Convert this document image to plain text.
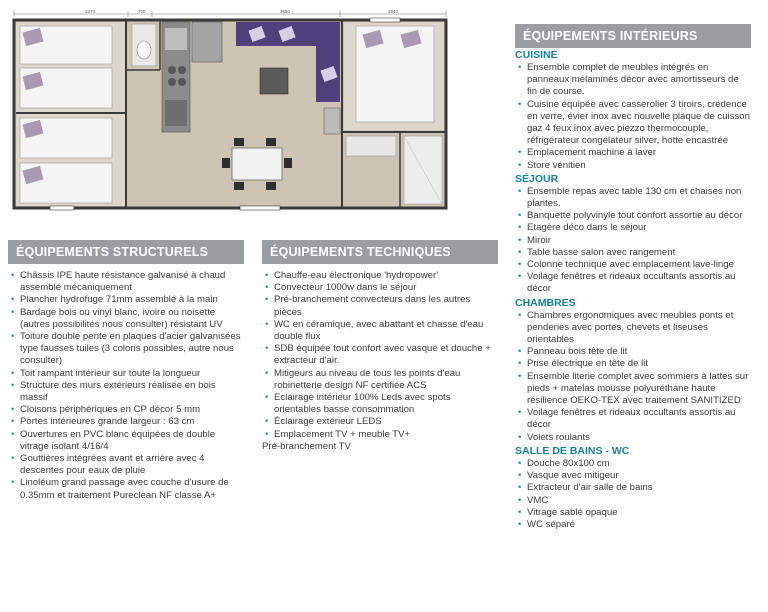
2370	700	3650	2640
ÉQUIPEMENTS STRUCTURELS
• Châssis IPE haute résistance galvanisé à chaud assemblé mécaniquement
• Plancher hydrofuge 71mm assemblé à la main
• Bardage bois ou vinyl blanc, ivoire ou noisette (autres possibilités nous consulter) résistant UV
• Toiture double pente en plaques d'acier galvanisées type fausses tuiles (3 coloris possibles, autre nous consulter)
• Toit rampant intérieur sur toute la longueur
• Structure des murs extérieurs réalisée en bois massif
• Cloisons périphériques en CP décor 5 mm
• Portes intérieures grande largeur : 63 cm
• Ouvertures en PVC blanc équipées de double vitrage isolant 4/16/4
• Gouttières intégrées avant et arrière avec 4 descentes pour eaux de pluie
• Linoléum grand passage avec couche d'usure de 0.35mm et traitement Pureclean NF classe A+
ÉQUIPEMENTS TECHNIQUES
• Chauffe-eau électronique 'hydropower'
• Convecteur 1000w dans le séjour
• Pré-branchement convecteurs dans les autres pièces
• WC en céramique, avec abattant et chasse d'eau double flux
• SDB équipée tout confort avec vasque et douche + extracteur d'air.
• Mitigeurs au niveau de tous les points d'eau robinetterie design NF certifiée ACS
• Eclairage intérieur 100% Leds avec spots orientables basse consommation
• Éclairage extérieur LEDS
• Emplacement TV + meuble TV+
Pré-branchement TV
ÉQUIPEMENTS INTÉRIEURS
CUISINE
• Ensemble complet de meubles intégrés en panneaux mélaminés décor avec amortisseurs de fin de course.
• Cuisine équipée avec casserolier 3 tiroirs, crédence en verre, évier inox avec nouvelle plaque de cuisson gaz 4 feux inox avec piezzo thermocouple, réfrigérateur congélateur silver, hotte encastrée
• Emplacement machine à laver
• Store vénitien
SÉJOUR
• Ensemble repas avec table 130 cm et chaises non plantes.
• Banquette polyvinyle tout confort assortie au décor
• Etagère déco dans le séjour
• Miroir
• Table basse salon avec rangement
• Colonne technique avec emplacement lave-linge
• Voilage fenêtres et rideaux occultants assortis au décor
CHAMBRES
• Chambres ergonomiques avec meubles ponts et penderies avec portes, chevets et liseuses orientables
• Panneau bois tête de lit
• Prise électrique en tête de lit
• Ensemble literie complet avec sommiers à lattes sur pieds + matelas mousse polyuréthane haute résilience OEKO-TEX avec traitement SANITIZED
• Voilage fenêtres et rideaux occultants assortis au décor
• Volets roulants
SALLE DE BAINS - WC
• Douche 80x100 cm
• Vasque avec mitigeur
• Extracteur d'air salle de bains
• VMC
• Vitrage sablé opaque
• WC séparé
